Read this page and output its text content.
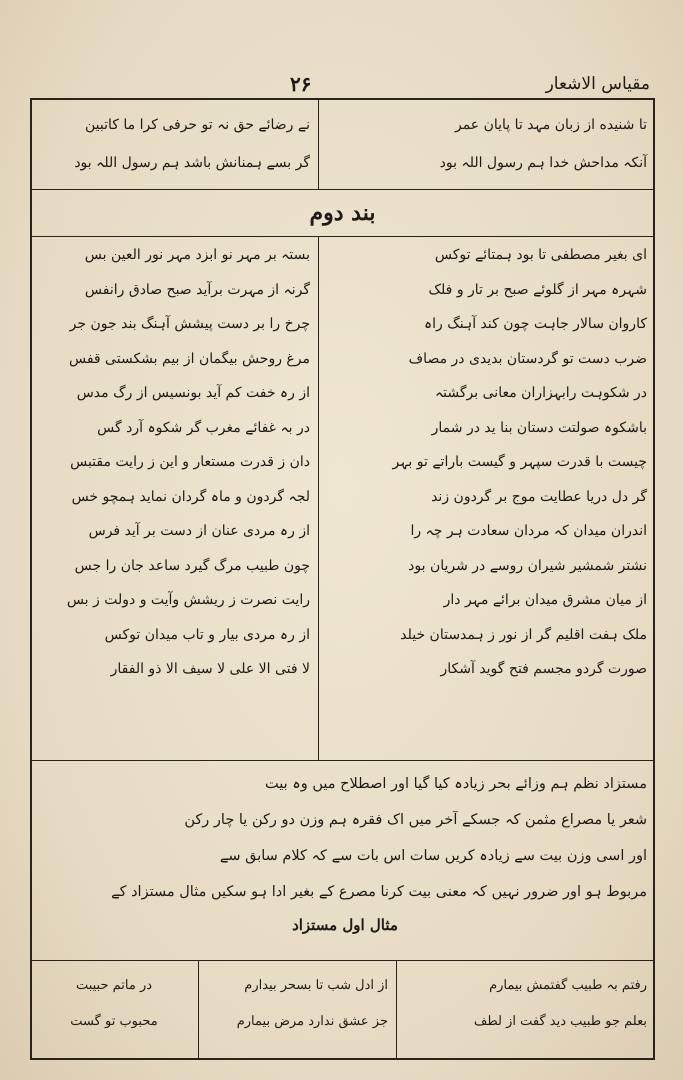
مقیاس الاشعار
۲۶
تا شنیده از زبان مہد تا پایان عمر
آنکہ مداحش خدا ہم رسول اللہ بود
نے رضائے حق نہ تو حرفی کرا ما کاتبین
گر بسے ہمنانش باشد ہم رسول اللہ بود
بند دوم
ای بغیر مصطفی تا بود ہمتائے توکس
شہرہ مہر از گلوئے صبح بر تار و فلک
کاروان سالار جاہت چون کند آہنگ راہ
ضرب دست تو گردستان بدیدی در مصاف
در شکوہت رابہزاران معانی برگشتہ
باشکوہ صولتت دستان بنا ید در شمار
چیست با قدرت سپہر و گیست باراتے تو بہر
گر دل دریا عطایت موج بر گردون زند
اندران میدان کہ مردان سعادت ہر چہ را
نشتر شمشیر شیران روسے در شریان بود
از میان مشرق میدان برائے مہر دار
ملک ہفت اقلیم گر از نور ز ہمدستان خیلد
صورت گردو مجسم فتح گوید آشکار
بستہ بر مہر نو ابزد مہر نور العین بس
گرنہ از مہرت برآید صبح صادق رانفس
چرخ را بر دست پیشش آہنگ بند جون جر
مرغ روحش بیگمان از بیم بشکستی قفس
از رہ خفت کم آید بونسیس از رگ مدس
در بہ غفائے مغرب گر شکوہ آرد گس
دان ز قدرت مستعار و این ز رایت مقتبس
لجہ گردون و ماہ گردان نماید ہمچو خس
از رہ مردی عنان از دست بر آید فرس
چون طبیب مرگ گیرد ساعد جان را جس
رایت نصرت ز ریشش وآیت و دولت ز بس
از رہ مردی بیار و تاب میدان توکس
لا فتی الا علی لا سیف الا ذو الفقار
مستزاد نظم ہم وزائے بحر زیادہ کیا گیا اور اصطلاح میں وہ بیت
شعر یا مصراع مثمن کہ جسکے آخر میں اک فقرہ ہم وزن دو رکن یا چار رکن
اور اسی وزن بیت سے زیادہ کریں سات اس بات سے کہ کلام سابق سے
مربوط ہو اور ضرور نہیں کہ معنی بیت کرنا مصرع کے بغیر ادا ہو سکیں مثال مستزاد کے
مثال اول مستزاد
رفتم بہ طبیب گفتمش بیمارم
بعلم جو طبیب دید گفت از لطف
از ادل شب تا بسحر بیدارم
جز عشق ندارد مرض بیمارم
در ماتم حبیبت
محبوب تو گست
